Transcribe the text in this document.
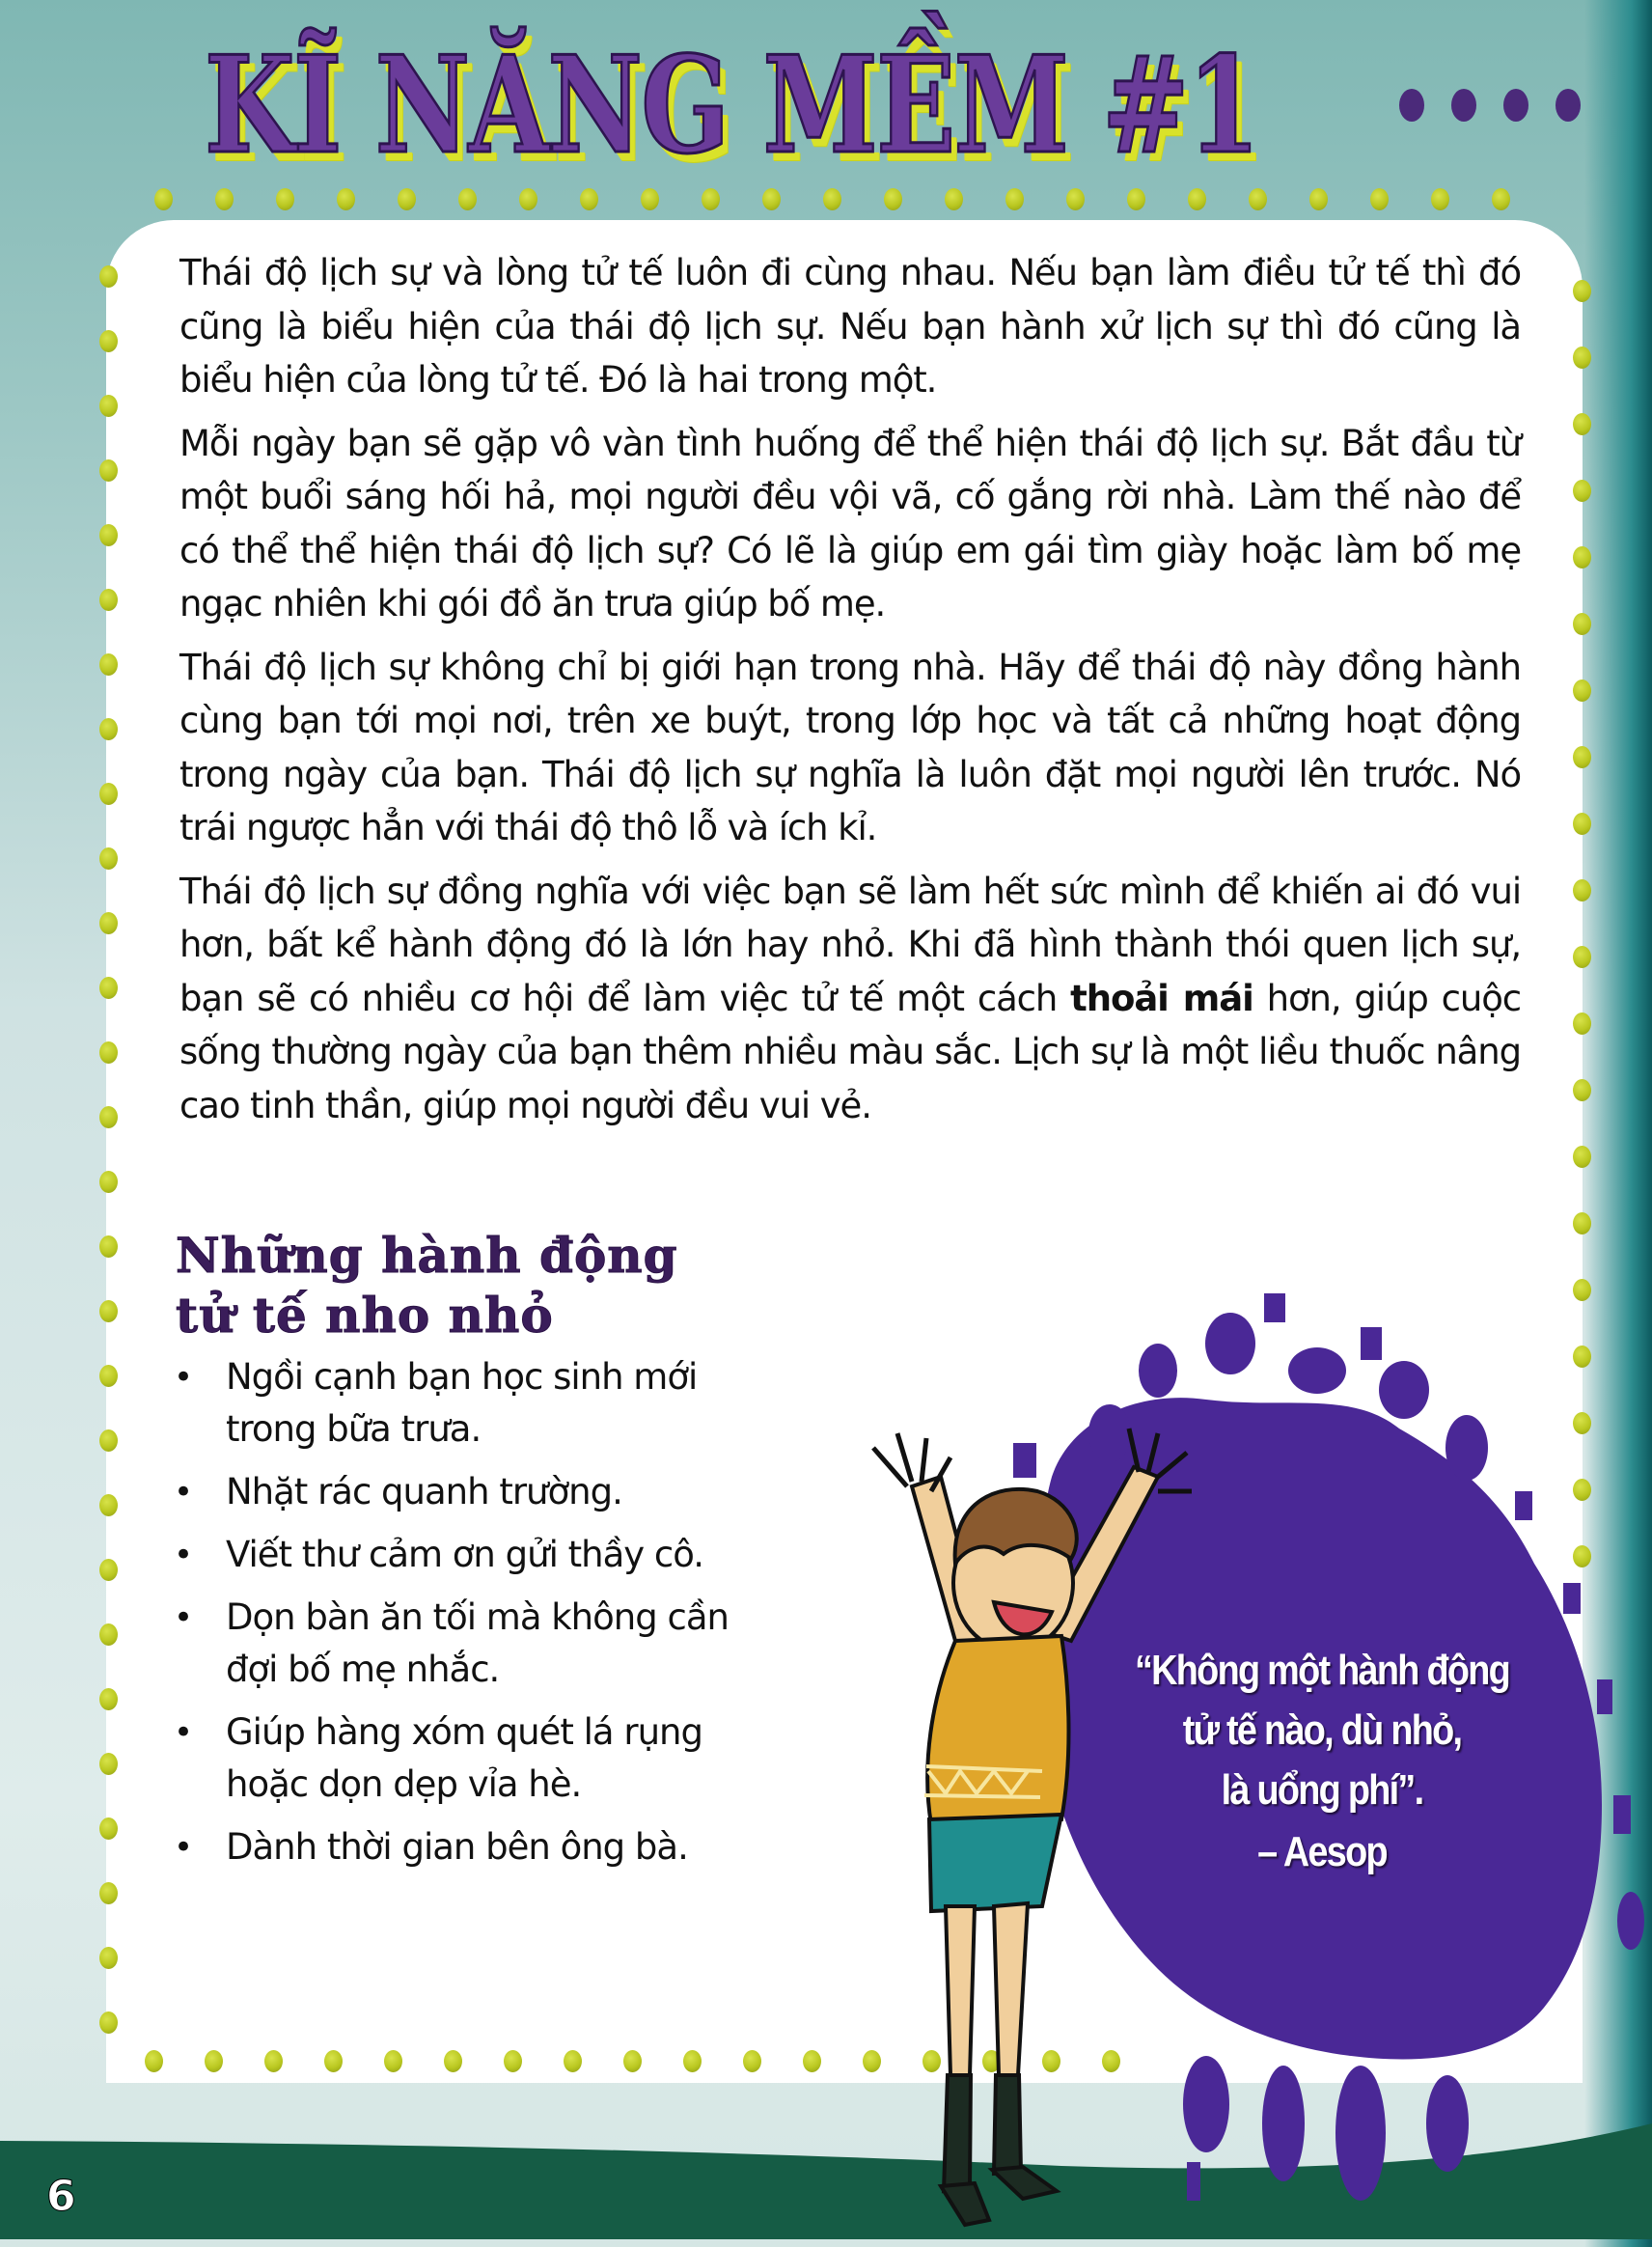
KĨ NĂNG MỀM #1

Thái độ lịch sự và lòng tử tế luôn đi cùng nhau. Nếu bạn làm điều tử tế thì đó cũng là biểu hiện của thái độ lịch sự. Nếu bạn hành xử lịch sự thì đó cũng là biểu hiện của lòng tử tế. Đó là hai trong một.

Mỗi ngày bạn sẽ gặp vô vàn tình huống để thể hiện thái độ lịch sự. Bắt đầu từ một buổi sáng hối hả, mọi người đều vội vã, cố gắng rời nhà. Làm thế nào để có thể thể hiện thái độ lịch sự? Có lẽ là giúp em gái tìm giày hoặc làm bố mẹ ngạc nhiên khi gói đồ ăn trưa giúp bố mẹ.

Thái độ lịch sự không chỉ bị giới hạn trong nhà. Hãy để thái độ này đồng hành cùng bạn tới mọi nơi, trên xe buýt, trong lớp học và tất cả những hoạt động trong ngày của bạn. Thái độ lịch sự nghĩa là luôn đặt mọi người lên trước. Nó trái ngược hẳn với thái độ thô lỗ và ích kỉ.

Thái độ lịch sự đồng nghĩa với việc bạn sẽ làm hết sức mình để khiến ai đó vui hơn, bất kể hành động đó là lớn hay nhỏ. Khi đã hình thành thói quen lịch sự, bạn sẽ có nhiều cơ hội để làm việc tử tế một cách thoải mái hơn, giúp cuộc sống thường ngày của bạn thêm nhiều màu sắc. Lịch sự là một liều thuốc nâng cao tinh thần, giúp mọi người đều vui vẻ.

Những hành động
tử tế nho nhỏ
• Ngồi cạnh bạn học sinh mới trong bữa trưa.
• Nhặt rác quanh trường.
• Viết thư cảm ơn gửi thầy cô.
• Dọn bàn ăn tối mà không cần đợi bố mẹ nhắc.
• Giúp hàng xóm quét lá rụng hoặc dọn dẹp vỉa hè.
• Dành thời gian bên ông bà.
“Không một hành động
tử tế nào, dù nhỏ,
là uổng phí”.
– Aesop
6
